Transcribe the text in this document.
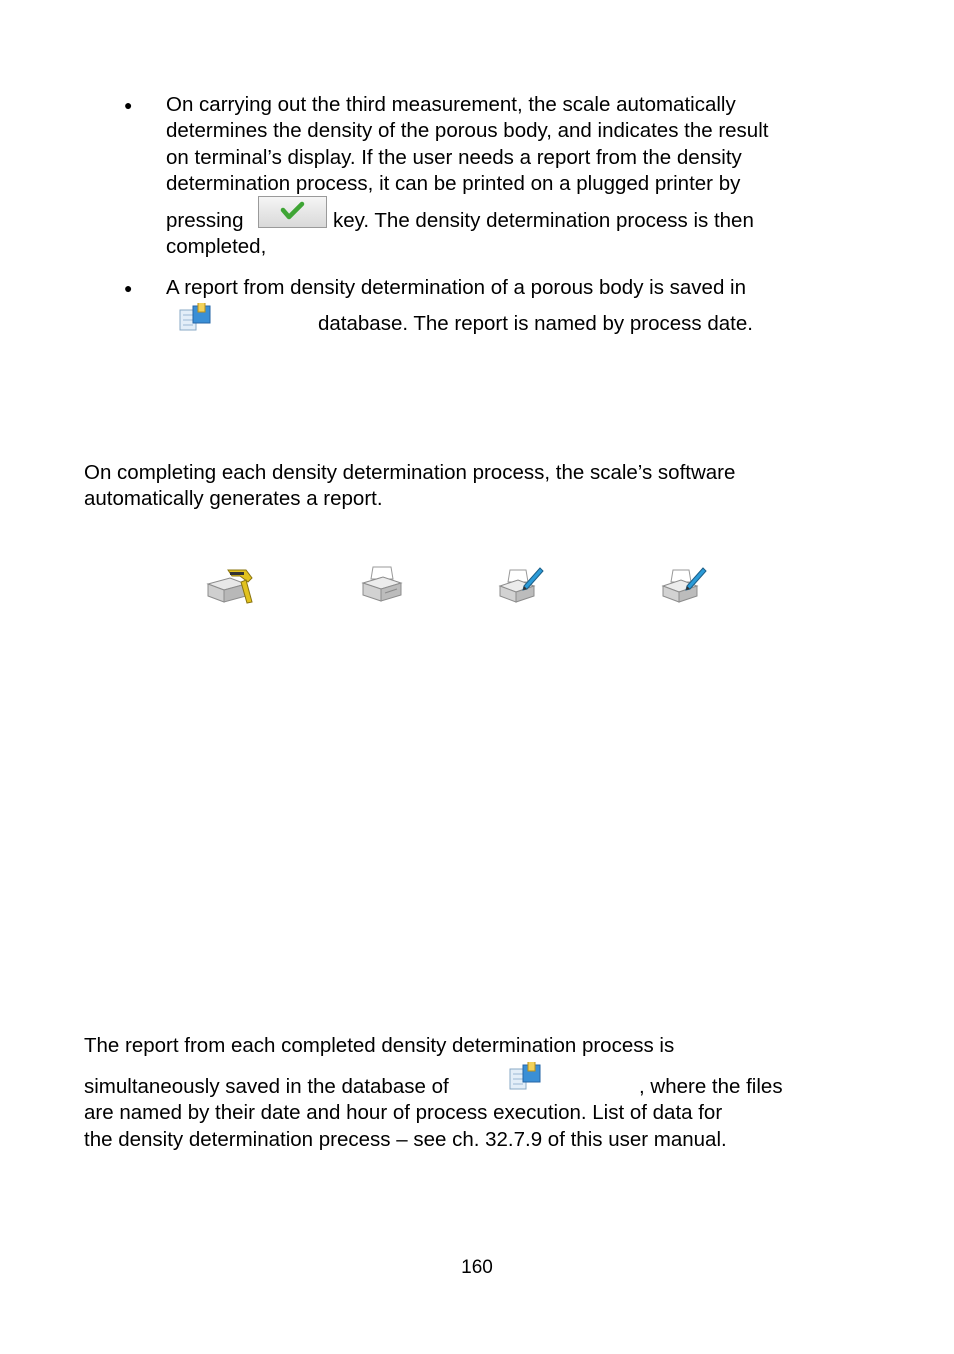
● On carrying out the third measurement, the scale automatically
determines the density of the porous body, and indicates the result
on terminal’s display. If the user needs a report from the density
determination process, it can be printed on a plugged printer by
pressing	key. The density determination process is then
completed,
● A report from density determination of a porous body is saved in
database. The report is named by process date.
On completing each density determination process, the scale’s software
automatically generates a report.
The report from each completed density determination process is
simultaneously saved in the database of	, where the files
are named by their date and hour of process execution. List of data for
the density determination precess – see ch. 32.7.9 of this user manual.
160
